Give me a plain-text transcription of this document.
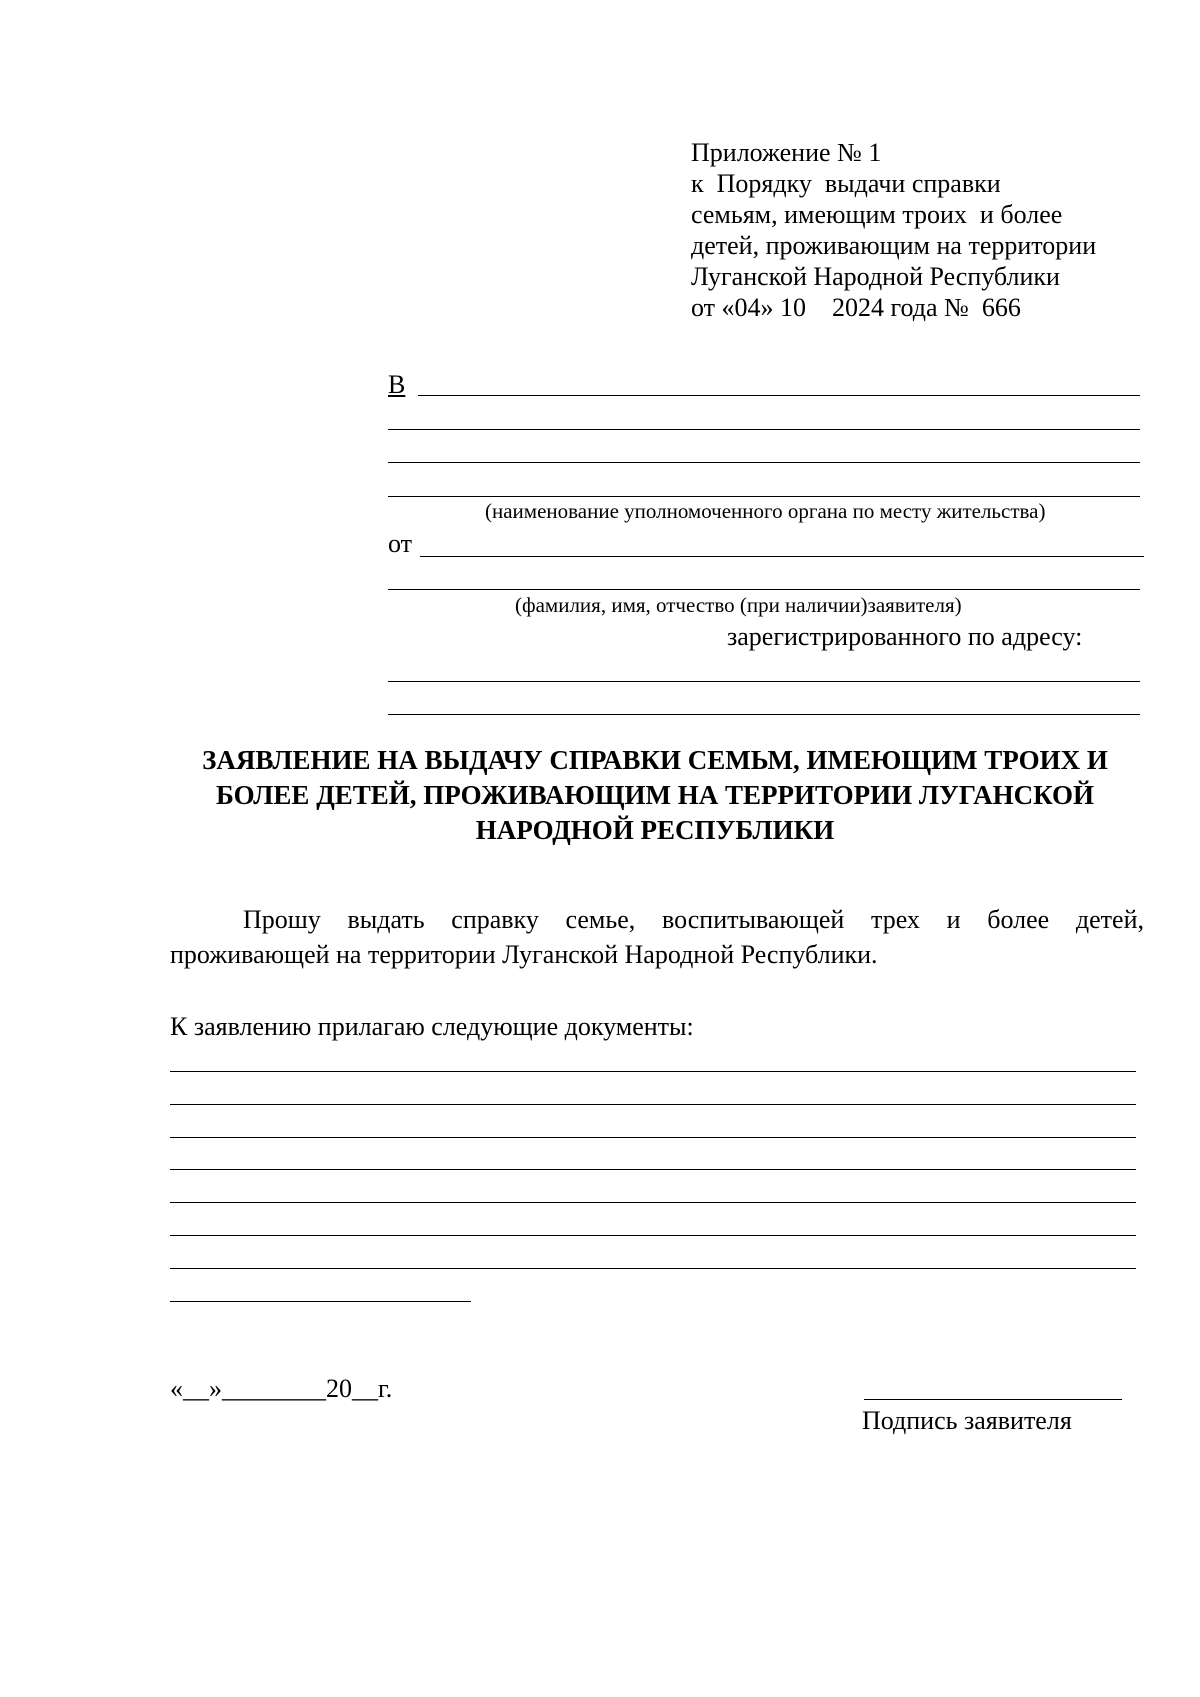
Приложение № 1
к  Порядку  выдачи справки
семьям, имеющим троих  и более
детей, проживающим на территории
Луганской Народной Республики
от «04» 10    2024 года №  666
В
(наименование уполномоченного органа по месту жительства)
от
(фамилия, имя, отчество (при наличии)заявителя)
зарегистрированного по адресу:
ЗАЯВЛЕНИЕ НА ВЫДАЧУ СПРАВКИ СЕМЬМ, ИМЕЮЩИМ ТРОИХ И
БОЛЕЕ ДЕТЕЙ, ПРОЖИВАЮЩИМ НА ТЕРРИТОРИИ ЛУГАНСКОЙ
НАРОДНОЙ РЕСПУБЛИКИ
Прошу выдать справку семье, воспитывающей трех и более детей, проживающей на территории Луганской Народной Республики.
К заявлению прилагаю следующие документы:
«__»________20__г.
Подпись заявителя
